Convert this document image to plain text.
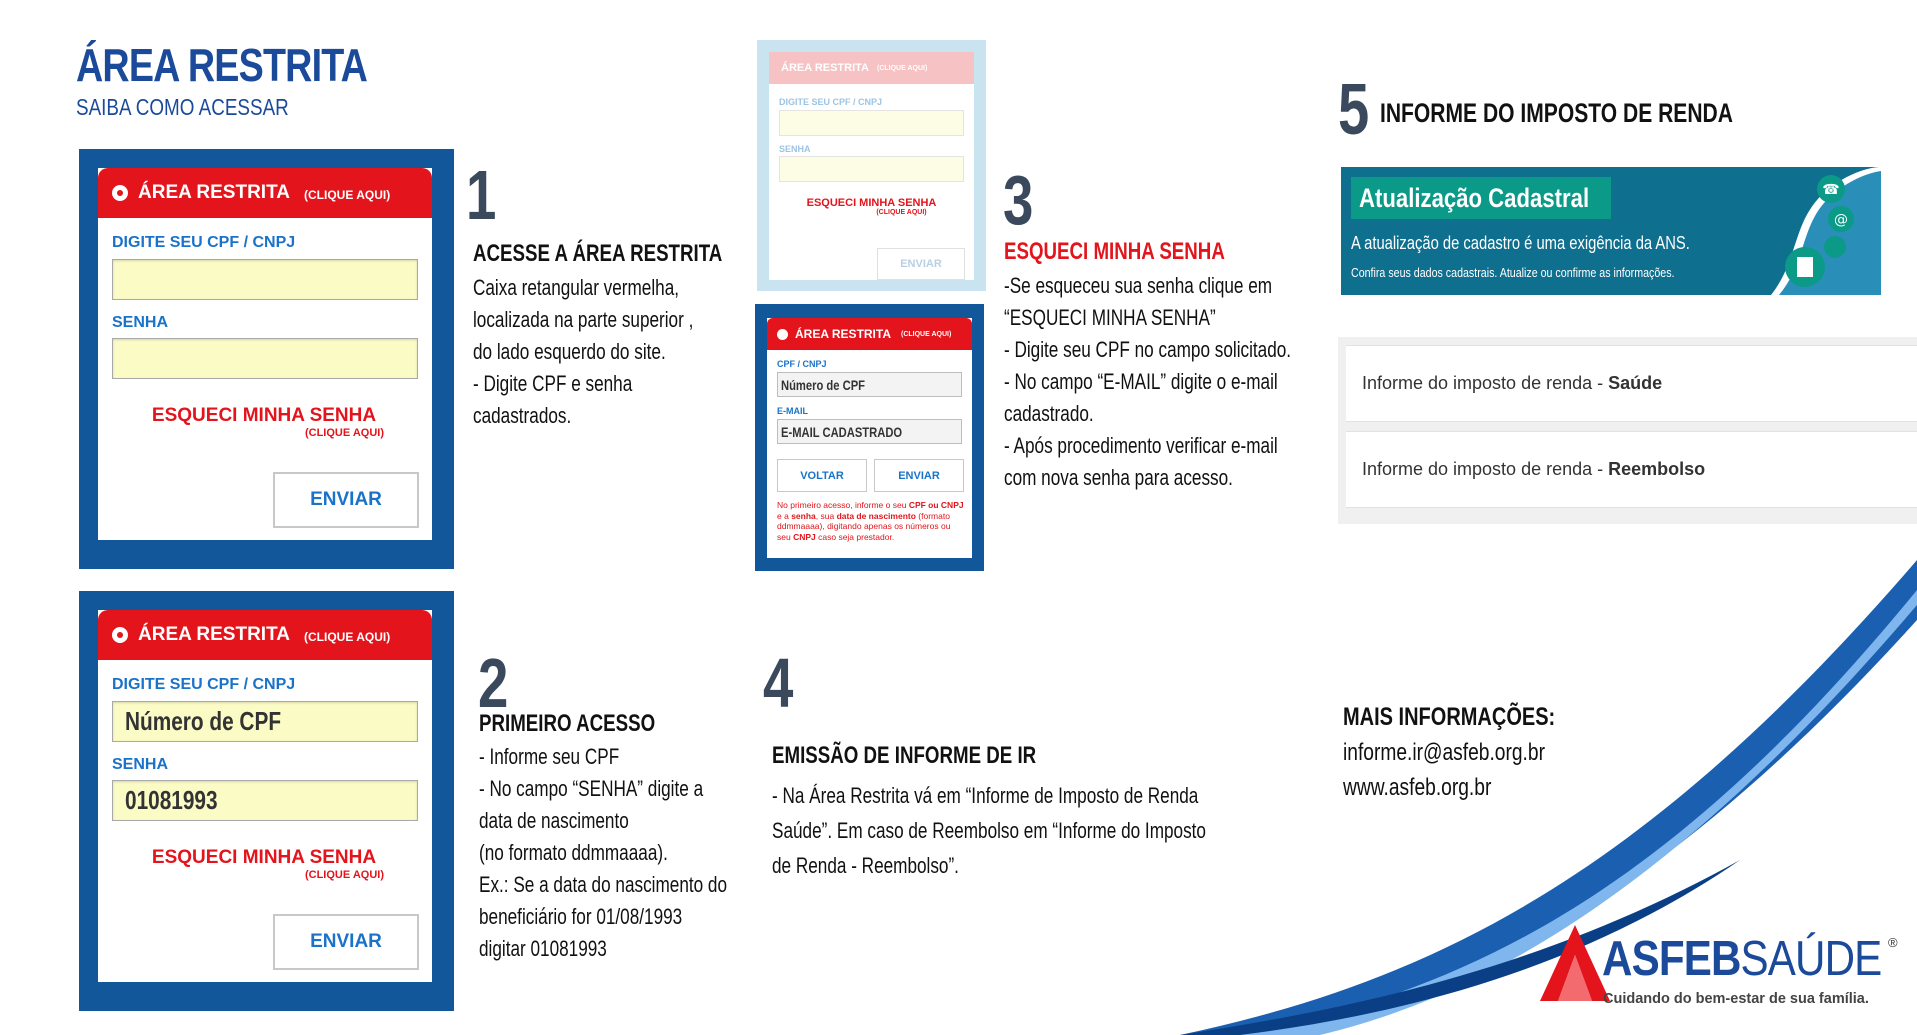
ÁREA RESTRITA
SAIBA COMO ACESSAR
ÁREA RESTRITA (CLIQUE AQUI)
DIGITE SEU CPF / CNPJ
SENHA
ESQUECI MINHA SENHA
(CLIQUE AQUI)
ENVIAR
ÁREA RESTRITA (CLIQUE AQUI)
DIGITE SEU CPF / CNPJ
Número de CPF
SENHA
01081993
ESQUECI MINHA SENHA
(CLIQUE AQUI)
ENVIAR
1
ACESSE A ÁREA RESTRITA
Caixa retangular vermelha,
localizada na parte superior ,
do lado esquerdo do site.
- Digite CPF e senha
cadastrados.
2
PRIMEIRO ACESSO
- Informe seu CPF
- No campo “SENHA” digite a
data de nascimento
(no formato ddmmaaaa).
Ex.: Se a data do nascimento do
beneficiário for 01/08/1993
digitar 01081993
ÁREA RESTRITA (CLIQUE AQUI)
DIGITE SEU CPF / CNPJ
SENHA
ESQUECI MINHA SENHA
(CLIQUE AQUI)
ENVIAR
ÁREA RESTRITA (CLIQUE AQUI)
CPF / CNPJ
Número de CPF
E-MAIL
E-MAIL CADASTRADO
VOLTAR	ENVIAR
No primeiro acesso, informe o seu CPF ou CNPJ e a senha, sua data de nascimento (formato ddmmaaaa), digitando apenas os números ou seu CNPJ caso seja prestador.
3
ESQUECI MINHA SENHA
-Se esqueceu sua senha clique em
“ESQUECI MINHA SENHA”
- Digite seu CPF no campo solicitado.
- No campo “E-MAIL” digite o e-mail
cadastrado.
- Após procedimento verificar e-mail
com nova senha para acesso.
4
EMISSÃO DE INFORME DE IR
- Na Área Restrita vá em “Informe de Imposto de Renda
Saúde”. Em caso de Reembolso em “Informe do Imposto
de Renda - Reembolso”.
5 INFORME DO IMPOSTO DE RENDA
Atualização Cadastral
A atualização de cadastro é uma exigência da ANS.
Confira seus dados cadastrais. Atualize ou confirme as informações.
☎
@
Informe do imposto de renda - Saúde
Informe do imposto de renda - Reembolso
MAIS INFORMAÇÕES:
informe.ir@asfeb.org.br
www.asfeb.org.br
ASFEBSAÚDE ®
Cuidando do bem-estar de sua família.
